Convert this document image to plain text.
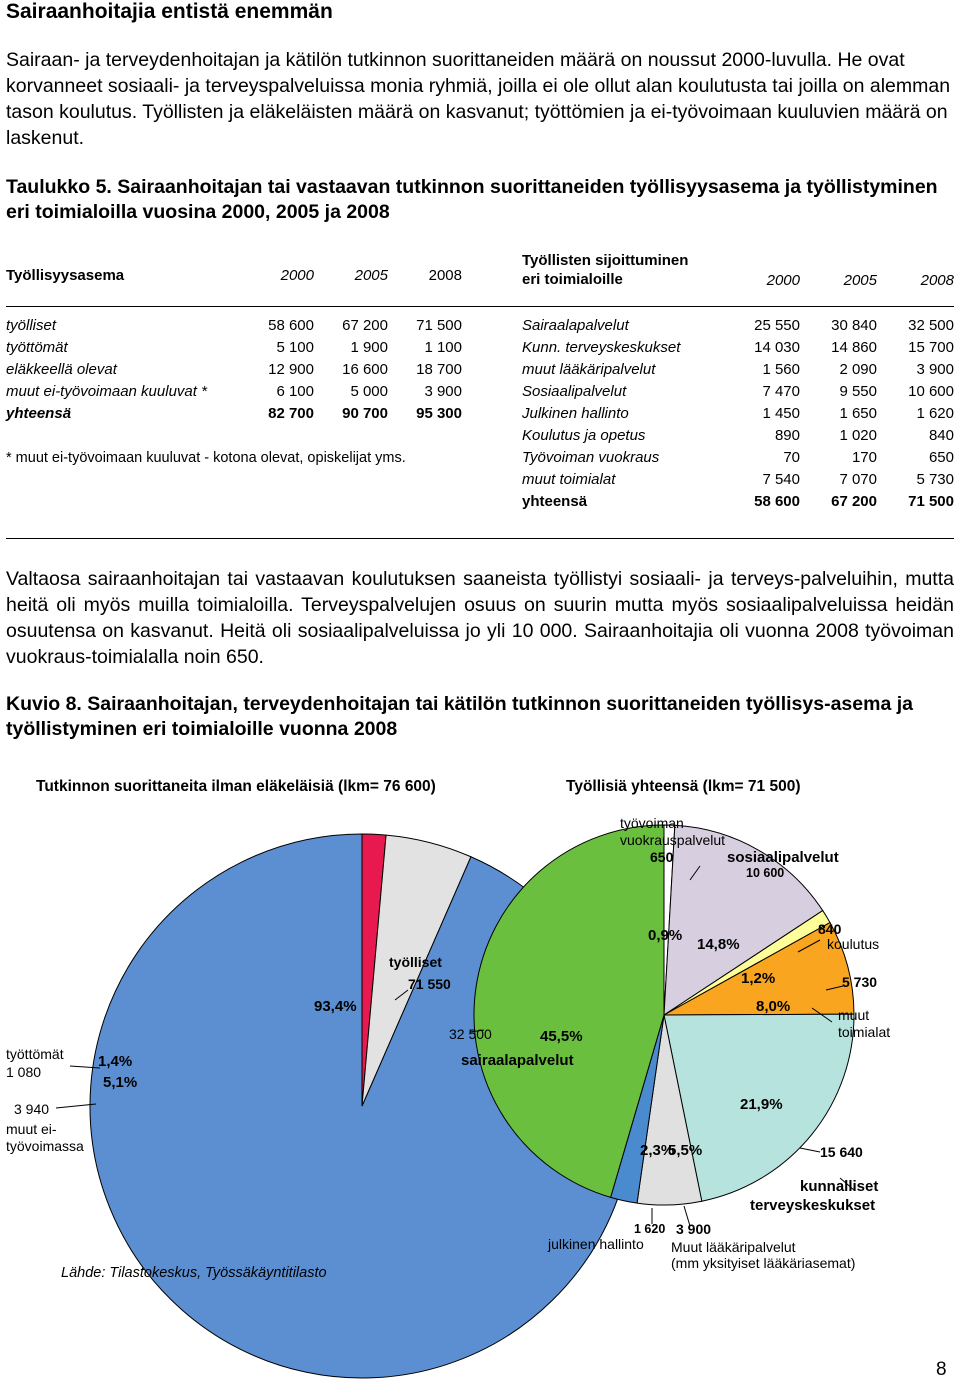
Sairaanhoitajia entistä enemmän

Sairaan- ja terveydenhoitajan ja kätilön tutkinnon suorittaneiden määrä on noussut 2000-luvulla. He ovat korvanneet sosiaali- ja terveyspalveluissa monia ryhmiä, joilla ei ole ollut alan koulutusta tai joilla on alemman tason koulutus. Työllisten ja eläkeläisten määrä on kasvanut; työttömien ja ei-työvoimaan kuuluvien määrä on laskenut.

Taulukko 5. Sairaanhoitajan tai vastaavan tutkinnon suorittaneiden työllisyysasema ja työllistyminen eri toimialoilla vuosina 2000, 2005 ja 2008

Työllisyysasema	2000	2005	2008

työlliset	58 600	67 200	71 500
työttömät	5 100	1 900	1 100
eläkkeellä olevat	12 900	16 600	18 700
muut ei-työvoimaan kuuluvat *	6 100	5 000	3 900
yhteensä	82 700	90 700	95 300
* muut ei-työvoimaan kuuluvat - kotona olevat, opiskelijat yms.
Työllisten sijoittuminen
eri toimialoille	2000	2005	2008

Sairaalapalvelut	25 550	30 840	32 500
Kunn. terveyskeskukset	14 030	14 860	15 700
muut lääkäripalvelut	1 560	2 090	3 900
Sosiaalipalvelut	7 470	9 550	10 600
Julkinen hallinto	1 450	1 650	1 620
Koulutus ja opetus	890	1 020	840
Työvoiman vuokraus	70	170	650
muut toimialat	7 540	7 070	5 730
yhteensä	58 600	67 200	71 500

Valtaosa sairaanhoitajan tai vastaavan koulutuksen saaneista työllistyi sosiaali- ja terveys-palveluihin, mutta heitä oli myös muilla toimialoilla. Terveyspalvelujen osuus on suurin mutta myös sosiaalipalveluissa heidän osuutensa on kasvanut. Heitä oli sosiaalipalveluissa jo yli 10 000. Sairaanhoitajia oli vuonna 2008 työvoiman vuokraus-toimialalla noin 650.

Kuvio 8. Sairaanhoitajan, terveydenhoitajan tai kätilön tutkinnon suorittaneiden työllisys-asema ja työllistyminen eri toimialoille vuonna 2008

Tutkinnon suorittaneita ilman eläkeläisiä (lkm= 76 600)	Työllisiä yhteensä (lkm= 71 500)
93,4%
1,4%
5,1%
työlliset
71 550
työttömät
1 080
3 940
muut ei-
työvoimassa
työvoiman
vuokrauspalvelut
650	sosiaalipalvelut
10 600
840
koulutus
5 730
muut
toimialat
15 640
kunnalliset
terveyskeskukset
1 620
julkinen hallinto
3 900
Muut lääkäripalvelut
(mm yksityiset lääkäriasemat)
32 500
sairaalapalvelut
0,9%
14,8%
1,2%
8,0%
21,9%
5,5%
2,3%
45,5%
Lähde: Tilastokeskus, Työssäkäyntitilasto
8
